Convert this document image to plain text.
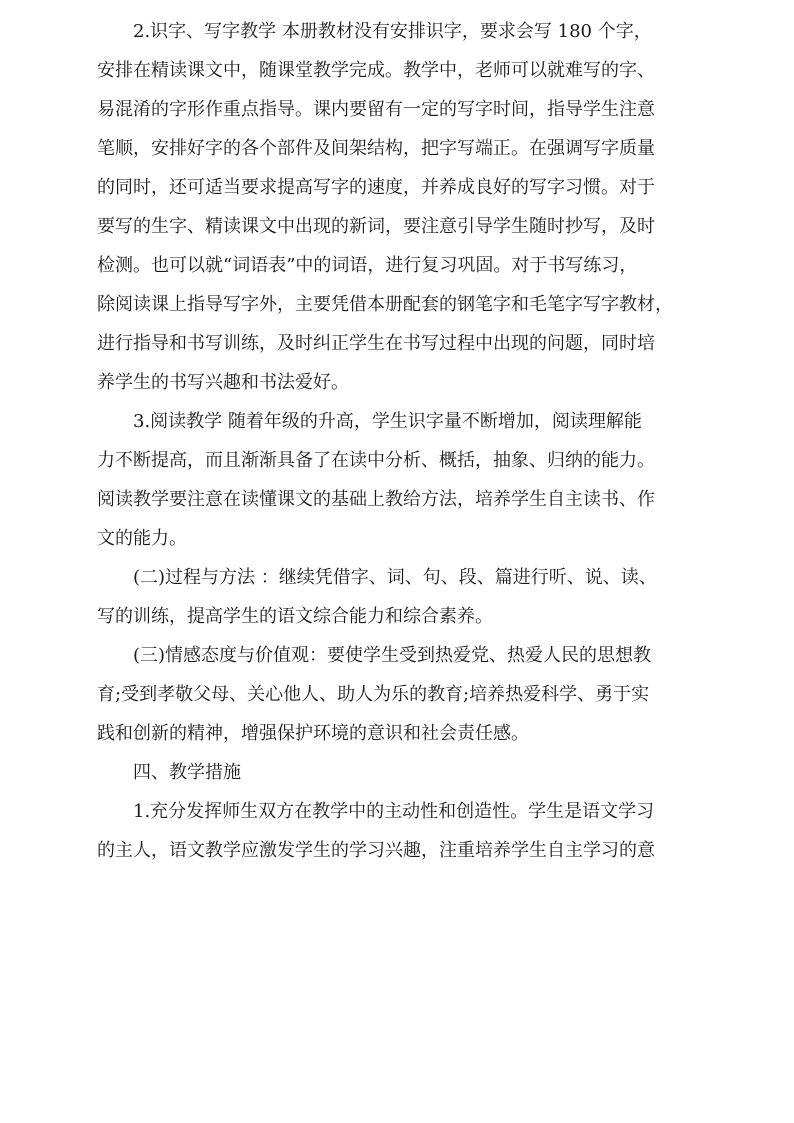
2.识字、写字教学 本册教材没有安排识字，要求会写 180 个字，
安排在精读课文中，随课堂教学完成。教学中，老师可以就难写的字、
易混淆的字形作重点指导。课内要留有一定的写字时间，指导学生注意
笔顺，安排好字的各个部件及间架结构，把字写端正。在强调写字质量
的同时，还可适当要求提高写字的速度，并养成良好的写字习惯。对于
要写的生字、精读课文中出现的新词，要注意引导学生随时抄写，及时
检测。也可以就“词语表”中的词语，进行复习巩固。对于书写练习，
除阅读课上指导写字外，主要凭借本册配套的钢笔字和毛笔字写字教材，
进行指导和书写训练，及时纠正学生在书写过程中出现的问题，同时培
养学生的书写兴趣和书法爱好。
3.阅读教学 随着年级的升高，学生识字量不断增加，阅读理解能
力不断提高，而且渐渐具备了在读中分析、概括，抽象、归纳的能力。
阅读教学要注意在读懂课文的基础上教给方法，培养学生自主读书、作
文的能力。
(二)过程与方法 ：继续凭借字、词、句、段、篇进行听、说、读、
写的训练，提高学生的语文综合能力和综合素养。
(三)情感态度与价值观：要使学生受到热爱党、热爱人民的思想教
育;受到孝敬父母、关心他人、助人为乐的教育;培养热爱科学、勇于实
践和创新的精神，增强保护环境的意识和社会责任感。
四、教学措施
1.充分发挥师生双方在教学中的主动性和创造性。学生是语文学习
的主人，语文教学应激发学生的学习兴趣，注重培养学生自主学习的意
